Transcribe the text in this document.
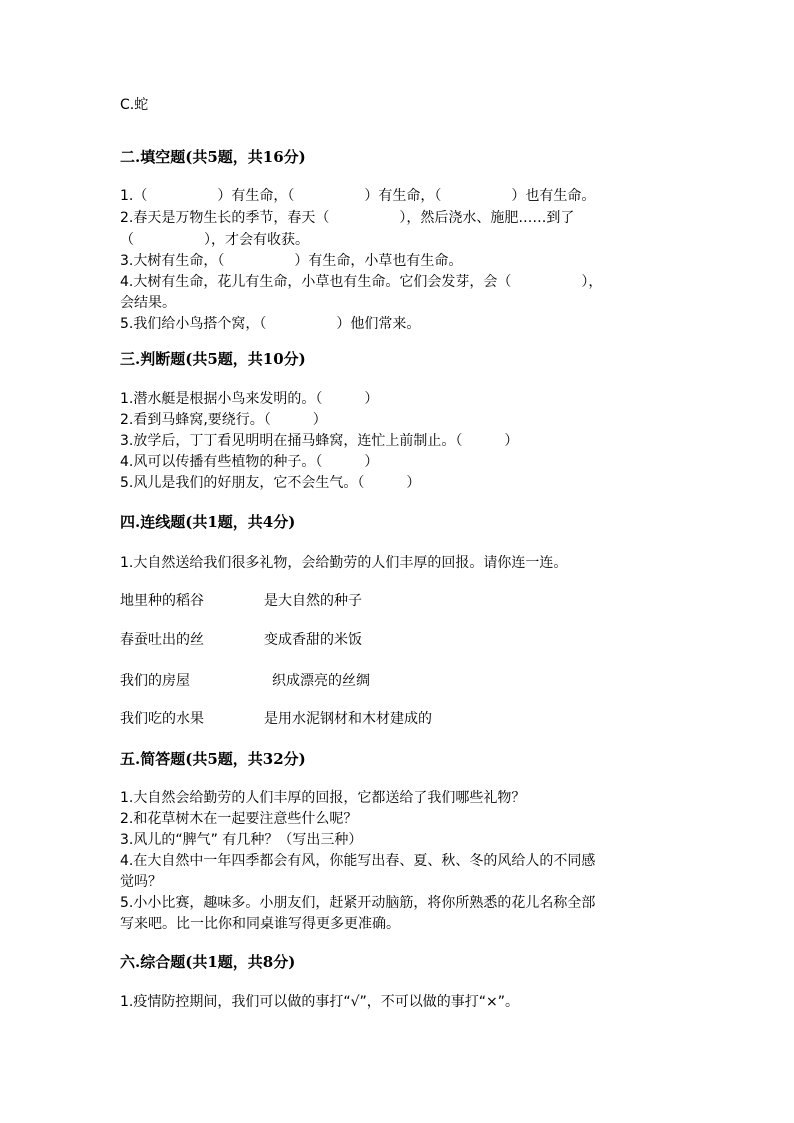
C.蛇
二.填空题(共5题，共16分)
1.（　　　　　）有生命，（　　　　　）有生命，（　　　　　）也有生命。
2.春天是万物生长的季节，春天（　　　　　），然后浇水、施肥……到了
（　　　　　），才会有收获。
3.大树有生命，（　　　　　）有生命，小草也有生命。
4.大树有生命，花儿有生命，小草也有生命。它们会发芽，会（　　　　　），
会结果。
5.我们给小鸟搭个窝，（　　　　　）他们常来。
三.判断题(共5题，共10分)
1.潜水艇是根据小鸟来发明的。（　　　）
2.看到马蜂窝,要绕行。（　　　）
3.放学后，丁丁看见明明在捅马蜂窝，连忙上前制止。（　　　）
4.风可以传播有些植物的种子。（　　　）
5.风儿是我们的好朋友，它不会生气。（　　　）
四.连线题(共1题，共4分)
1.大自然送给我们很多礼物，会给勤劳的人们丰厚的回报。请你连一连。
地里种的稻谷	是大自然的种子
春蚕吐出的丝	变成香甜的米饭
我们的房屋	织成漂亮的丝绸
我们吃的水果	是用水泥钢材和木材建成的
五.简答题(共5题，共32分)
1.大自然会给勤劳的人们丰厚的回报，它都送给了我们哪些礼物？
2.和花草树木在一起要注意些什么呢？
3.风儿的“脾气” 有几种？（写出三种）
4.在大自然中一年四季都会有风，你能写出春、夏、秋、冬的风给人的不同感
觉吗？
5.小小比赛，趣味多。小朋友们，赶紧开动脑筋，将你所熟悉的花儿名称全部
写来吧。比一比你和同桌谁写得更多更准确。
六.综合题(共1题，共8分)
1.疫情防控期间，我们可以做的事打“√”，不可以做的事打“×”。
